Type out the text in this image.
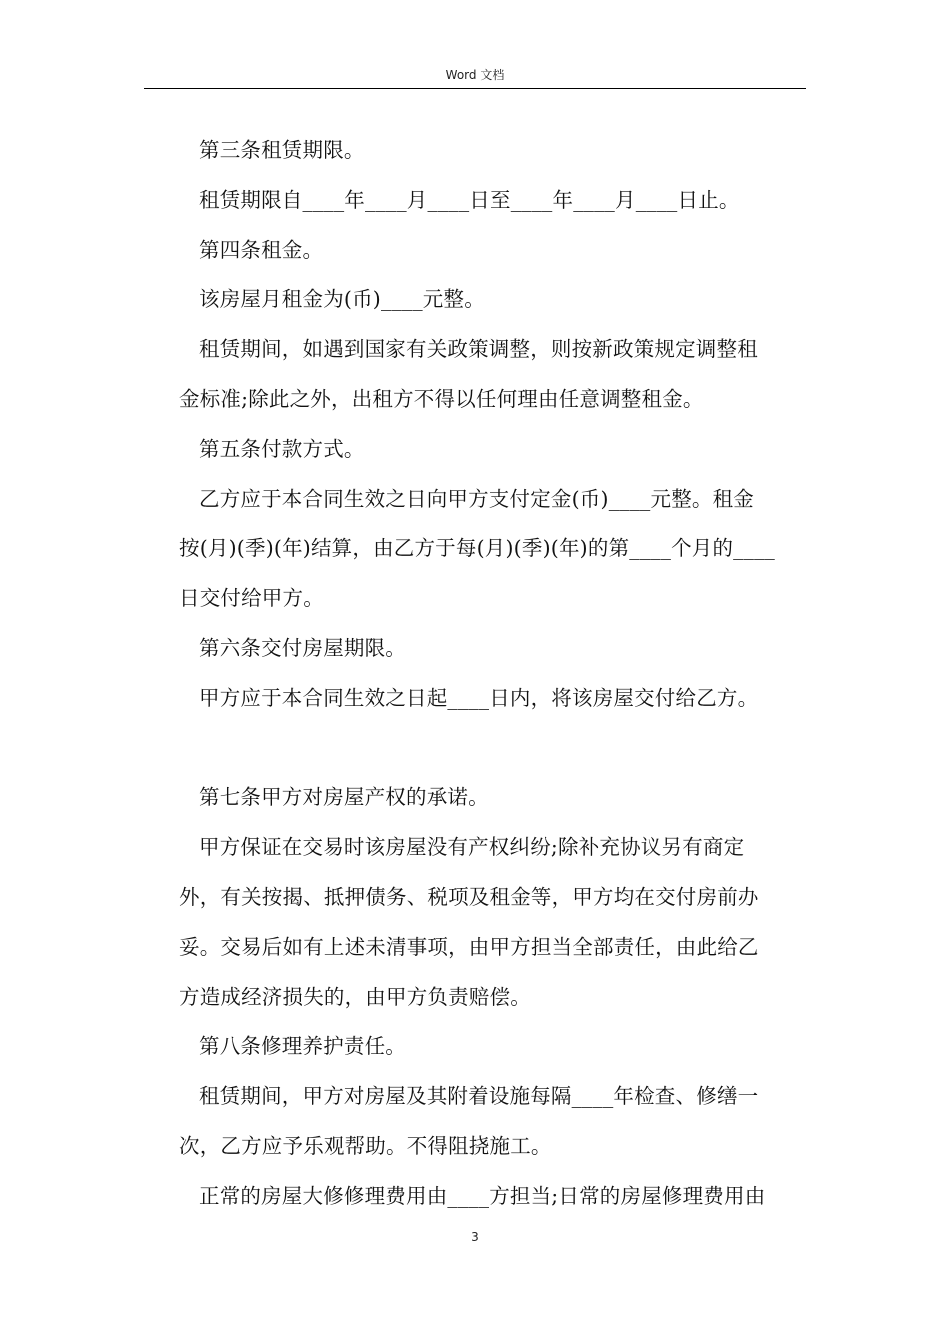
Word 文档
第三条租赁期限。
租赁期限自____年____月____日至____年____月____日止。
第四条租金。
该房屋月租金为(币)____元整。
租赁期间，如遇到国家有关政策调整，则按新政策规定调整租
金标准;除此之外，出租方不得以任何理由任意调整租金。
第五条付款方式。
乙方应于本合同生效之日向甲方支付定金(币)____元整。租金
按(月)(季)(年)结算，由乙方于每(月)(季)(年)的第____个月的____
日交付给甲方。
第六条交付房屋期限。
甲方应于本合同生效之日起____日内，将该房屋交付给乙方。
第七条甲方对房屋产权的承诺。
甲方保证在交易时该房屋没有产权纠纷;除补充协议另有商定
外，有关按揭、抵押债务、税项及租金等，甲方均在交付房前办
妥。交易后如有上述未清事项，由甲方担当全部责任，由此给乙
方造成经济损失的，由甲方负责赔偿。
第八条修理养护责任。
租赁期间，甲方对房屋及其附着设施每隔____年检查、修缮一
次，乙方应予乐观帮助。不得阻挠施工。
正常的房屋大修修理费用由____方担当;日常的房屋修理费用由
3
